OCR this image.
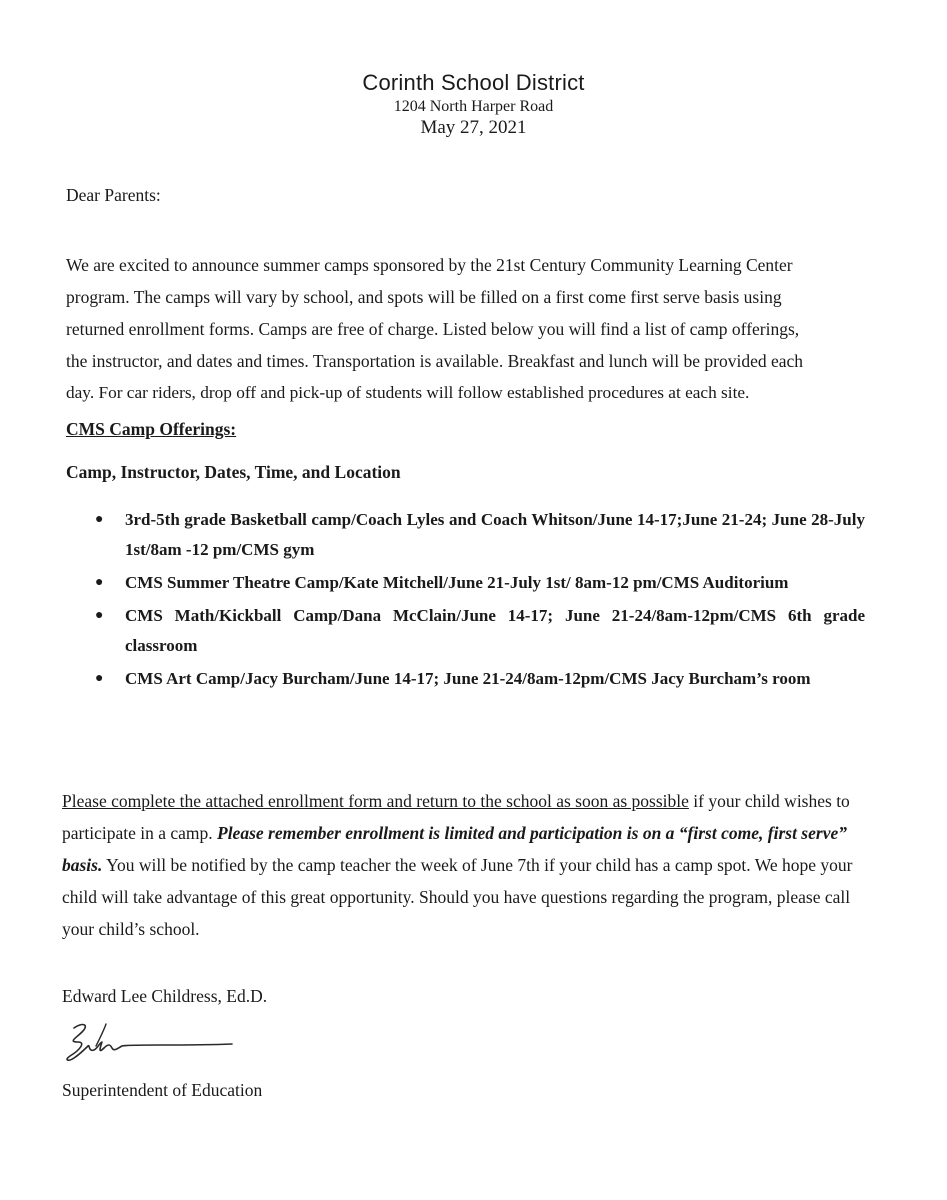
Corinth School District
1204 North Harper Road
May 27, 2021
Dear Parents:
We are excited to announce summer camps sponsored by the 21st Century Community Learning Center
program. The camps will vary by school, and spots will be filled on a first come first serve basis using
returned enrollment forms. Camps are free of charge. Listed below you will find a list of camp offerings,
the instructor, and dates and times. Transportation is available. Breakfast and lunch will be provided each
day. For car riders, drop off and pick-up of students will follow established procedures at each site.
CMS Camp Offerings:
Camp, Instructor, Dates, Time, and Location
● 3rd-5th grade Basketball camp/Coach Lyles and Coach Whitson/June 14-17;June 21-24; June 28-July 1st/8am -12 pm/CMS gym
● CMS Summer Theatre Camp/Kate Mitchell/June 21-July 1st/ 8am-12 pm/CMS Auditorium
● CMS Math/Kickball Camp/Dana McClain/June 14-17; June 21-24/8am-12pm/CMS 6th grade classroom
● CMS Art Camp/Jacy Burcham/June 14-17; June 21-24/8am-12pm/CMS Jacy Burcham’s room
Please complete the attached enrollment form and return to the school as soon as possible if your child wishes to participate in a camp. Please remember enrollment is limited and participation is on a “first come, first serve” basis. You will be notified by the camp teacher the week of June 7th if your child has a camp spot. We hope your child will take advantage of this great opportunity. Should you have questions regarding the program, please call your child’s school.
Edward Lee Childress, Ed.D.
Superintendent of Education
